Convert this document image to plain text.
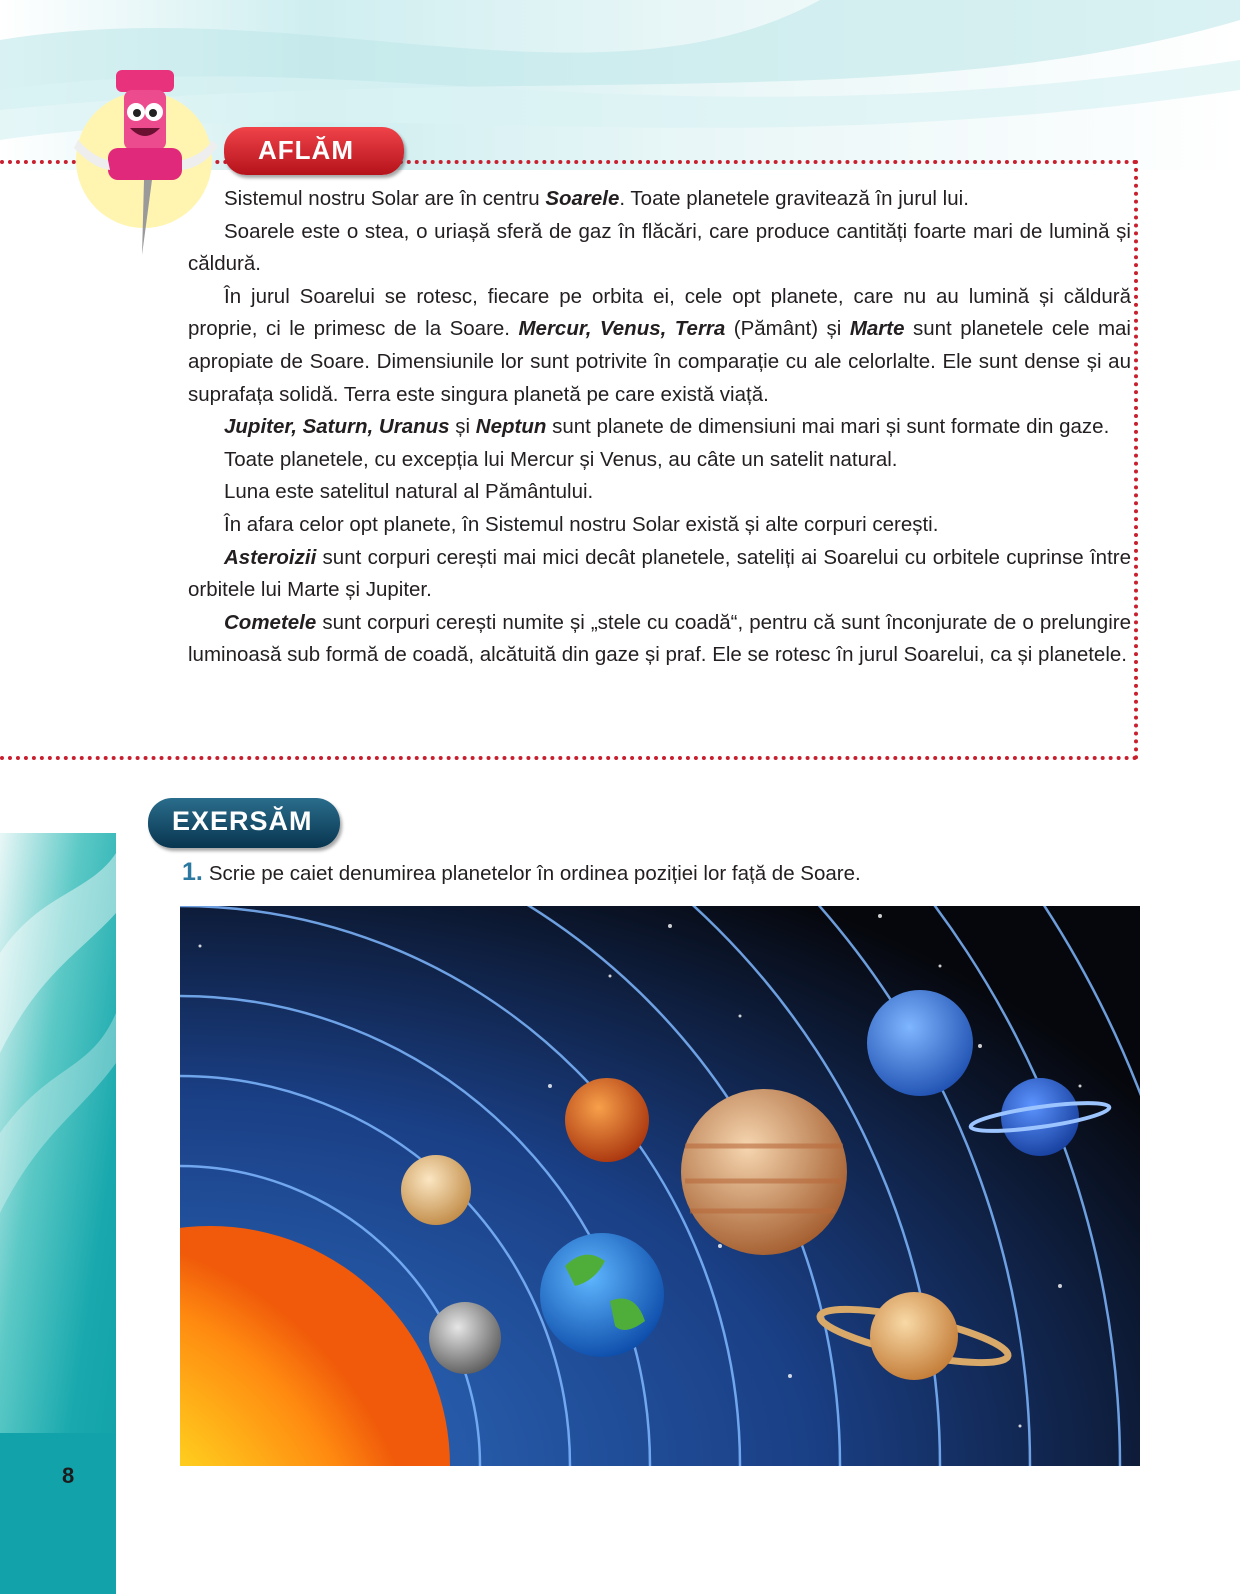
8
AFLĂM

Sistemul nostru Solar are în centru Soarele. Toate planetele gravitează în jurul lui.

Soarele este o stea, o uriașă sferă de gaz în flăcări, care produce cantități foarte mari de lumină și căldură.

În jurul Soarelui se rotesc, fiecare pe orbita ei, cele opt planete, care nu au lumină și căldură proprie, ci le primesc de la Soare. Mercur, Venus, Terra (Pământ) și Marte sunt planetele cele mai apropiate de Soare. Dimensiunile lor sunt potrivite în comparație cu ale celorlalte. Ele sunt dense și au suprafața solidă. Terra este singura planetă pe care există viață.

Jupiter, Saturn, Uranus și Neptun sunt planete de dimensiuni mai mari și sunt formate din gaze.

Toate planetele, cu excepția lui Mercur și Venus, au câte un satelit natural.

Luna este satelitul natural al Pământului.

În afara celor opt planete, în Sistemul nostru Solar există și alte corpuri cerești.

Asteroizii sunt corpuri cerești mai mici decât planetele, sateliți ai Soarelui cu orbitele cuprinse între orbitele lui Marte și Jupiter.

Cometele sunt corpuri cerești numite și „stele cu coadă“, pentru că sunt înconjurate de o prelungire luminoasă sub formă de coadă, alcătuită din gaze și praf. Ele se rotesc în jurul Soarelui, ca și planetele.

EXERSĂM
1. Scrie pe caiet denumirea planetelor în ordinea poziției lor față de Soare.
